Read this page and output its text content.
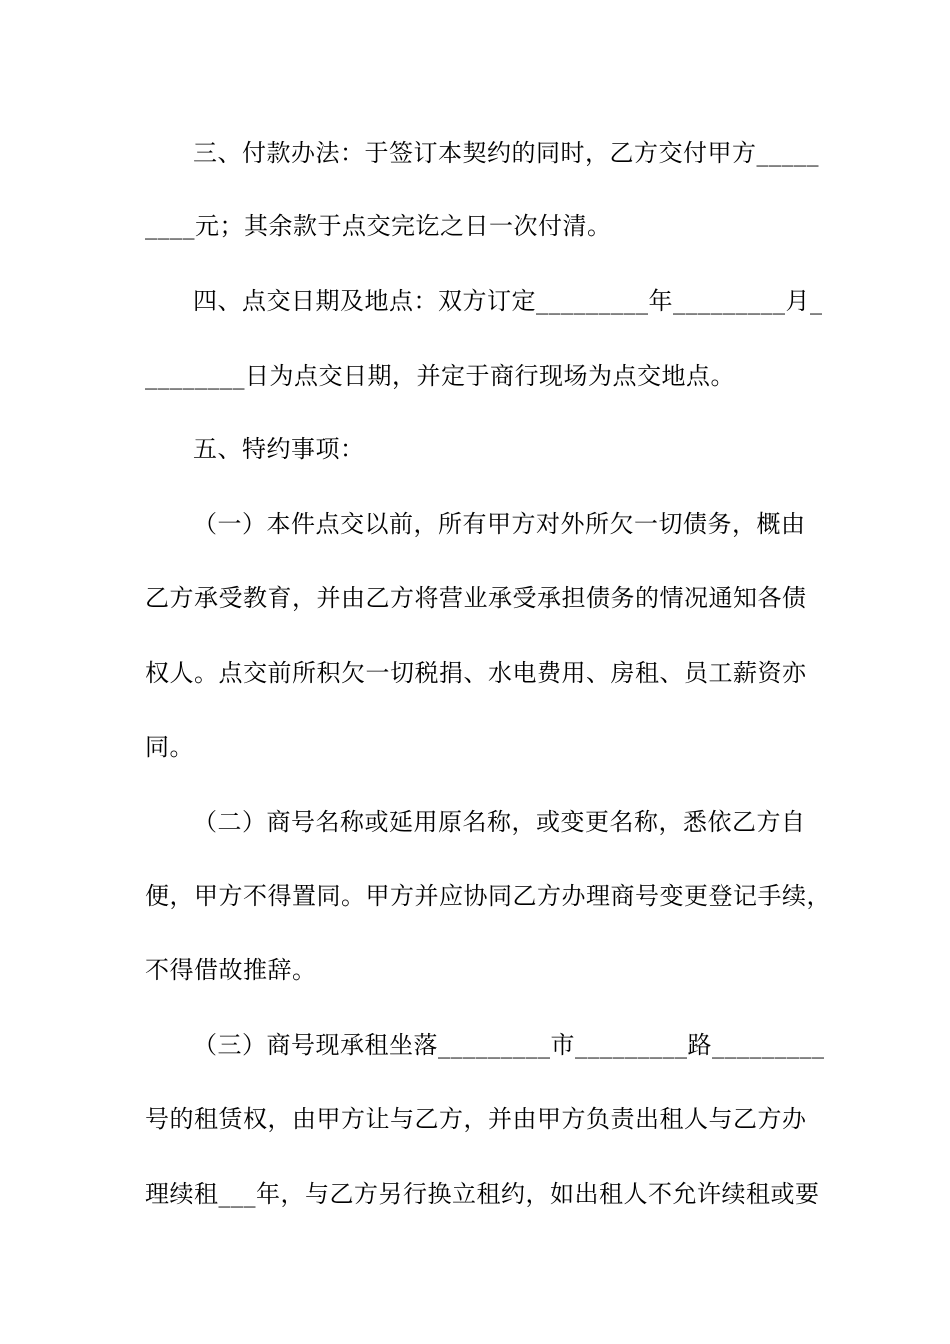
三、付款办法：于签订本契约的同时，乙方交付甲方_____
____元；其余款于点交完讫之日一次付清。
四、点交日期及地点：双方订定_________年_________月_
________日为点交日期，并定于商行现场为点交地点。
五、特约事项：
（一）本件点交以前，所有甲方对外所欠一切债务，概由
乙方承受教育，并由乙方将营业承受承担债务的情况通知各债
权人。点交前所积欠一切税捐、水电费用、房租、员工薪资亦
同。
（二）商号名称或延用原名称，或变更名称，悉依乙方自
便，甲方不得置同。甲方并应协同乙方办理商号变更登记手续，
不得借故推辞。
（三）商号现承租坐落_________市_________路_________
号的租赁权，由甲方让与乙方，并由甲方负责出租人与乙方办
理续租___年，与乙方另行换立租约，如出租人不允许续租或要
